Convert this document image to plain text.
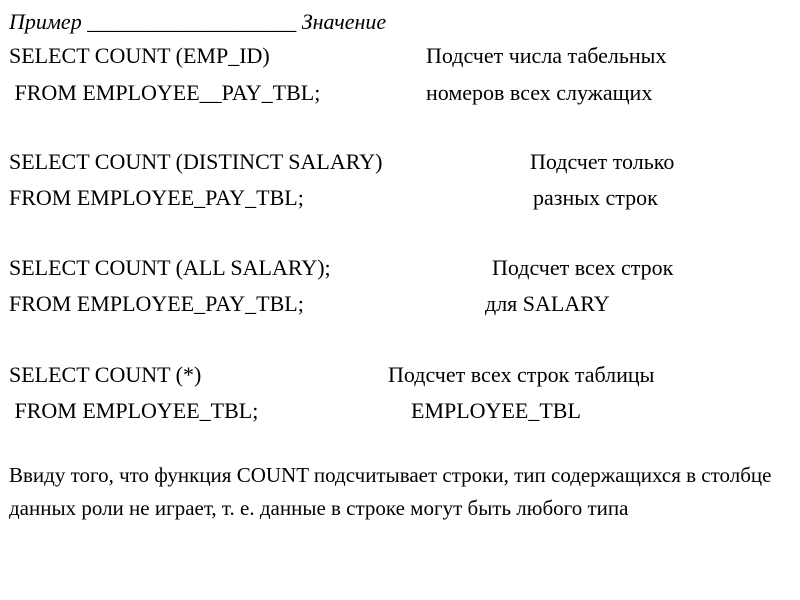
Пример ___________________ Значение
SELECT COUNT (EMP_ID)	Подсчет числа табельных
FROM EMPLOYEE__PAY_TBL;	номеров всех служащих
SELECT COUNT (DISTINCT SALARY)	Подсчет только
FROM EMPLOYEE_PAY_TBL;	разных строк
SELECT COUNT (ALL SALARY);	Подсчет всех строк
FROM EMPLOYEE_PAY_TBL;	для SALARY
SELECT COUNT (*)	Подсчет всех строк таблицы
FROM EMPLOYEE_TBL;	EMPLOYEE_TBL
Ввиду того, что функция COUNT подсчитывает строки, тип содержащихся в столбце данных роли не играет, т. е. данные в строке могут быть любого типа
